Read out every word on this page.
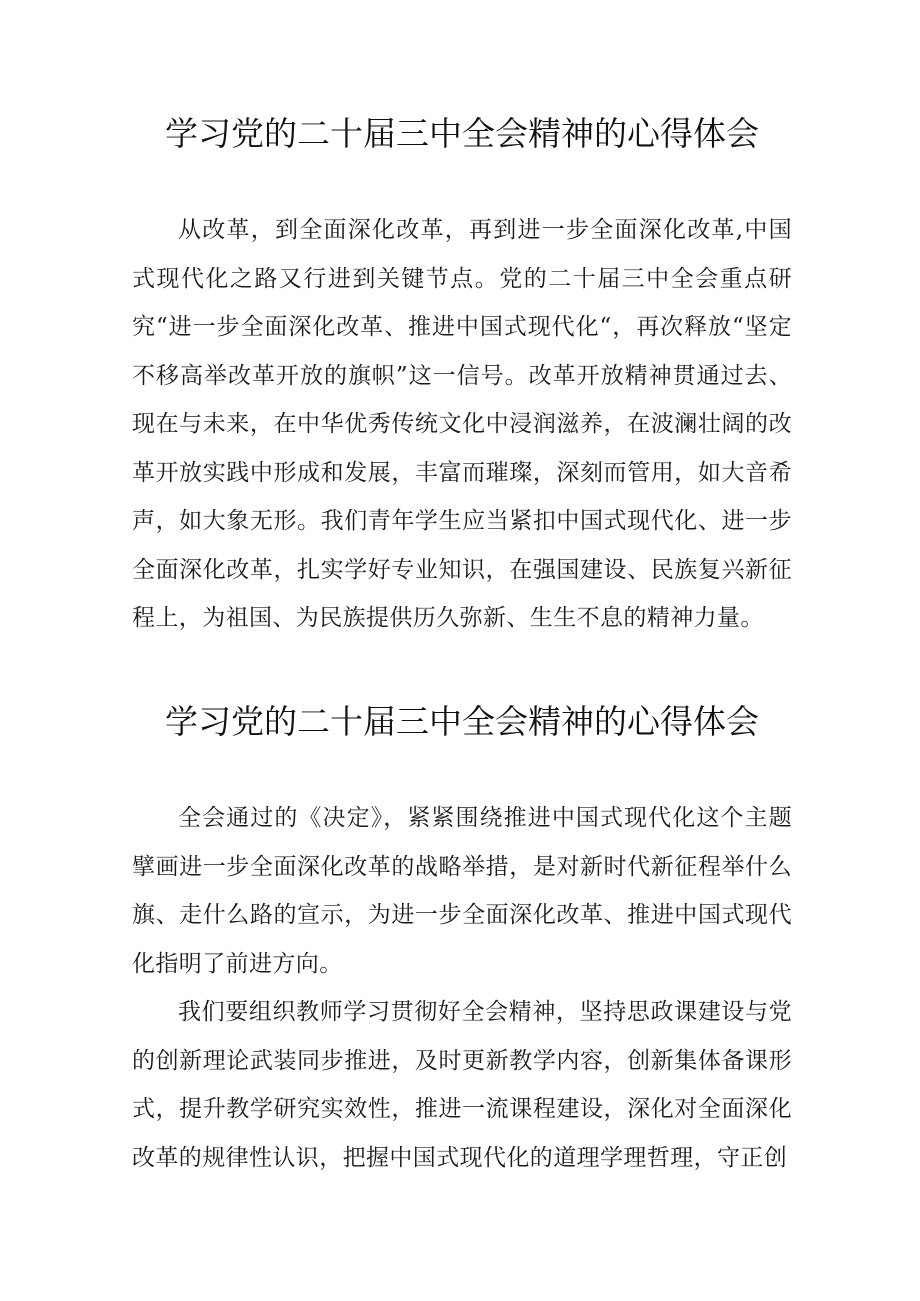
学习党的二十届三中全会精神的心得体会

从改革，到全面深化改革，再到进一步全面深化改革,中国式现代化之路又行进到关键节点。党的二十届三中全会重点研究“进一步全面深化改革、推进中国式现代化“，再次释放“坚定不移高举改革开放的旗帜”这一信号。改革开放精神贯通过去、现在与未来，在中华优秀传统文化中浸润滋养，在波澜壮阔的改革开放实践中形成和发展，丰富而璀璨，深刻而管用，如大音希声，如大象无形。我们青年学生应当紧扣中国式现代化、进一步全面深化改革，扎实学好专业知识，在强国建设、民族复兴新征程上，为祖国、为民族提供历久弥新、生生不息的精神力量。

学习党的二十届三中全会精神的心得体会

全会通过的《决定》，紧紧围绕推进中国式现代化这个主题擘画进一步全面深化改革的战略举措，是对新时代新征程举什么旗、走什么路的宣示，为进一步全面深化改革、推进中国式现代化指明了前进方向。

我们要组织教师学习贯彻好全会精神，坚持思政课建设与党的创新理论武装同步推进，及时更新教学内容，创新集体备课形式，提升教学研究实效性，推进一流课程建设，深化对全面深化改革的规律性认识，把握中国式现代化的道理学理哲理，守正创
